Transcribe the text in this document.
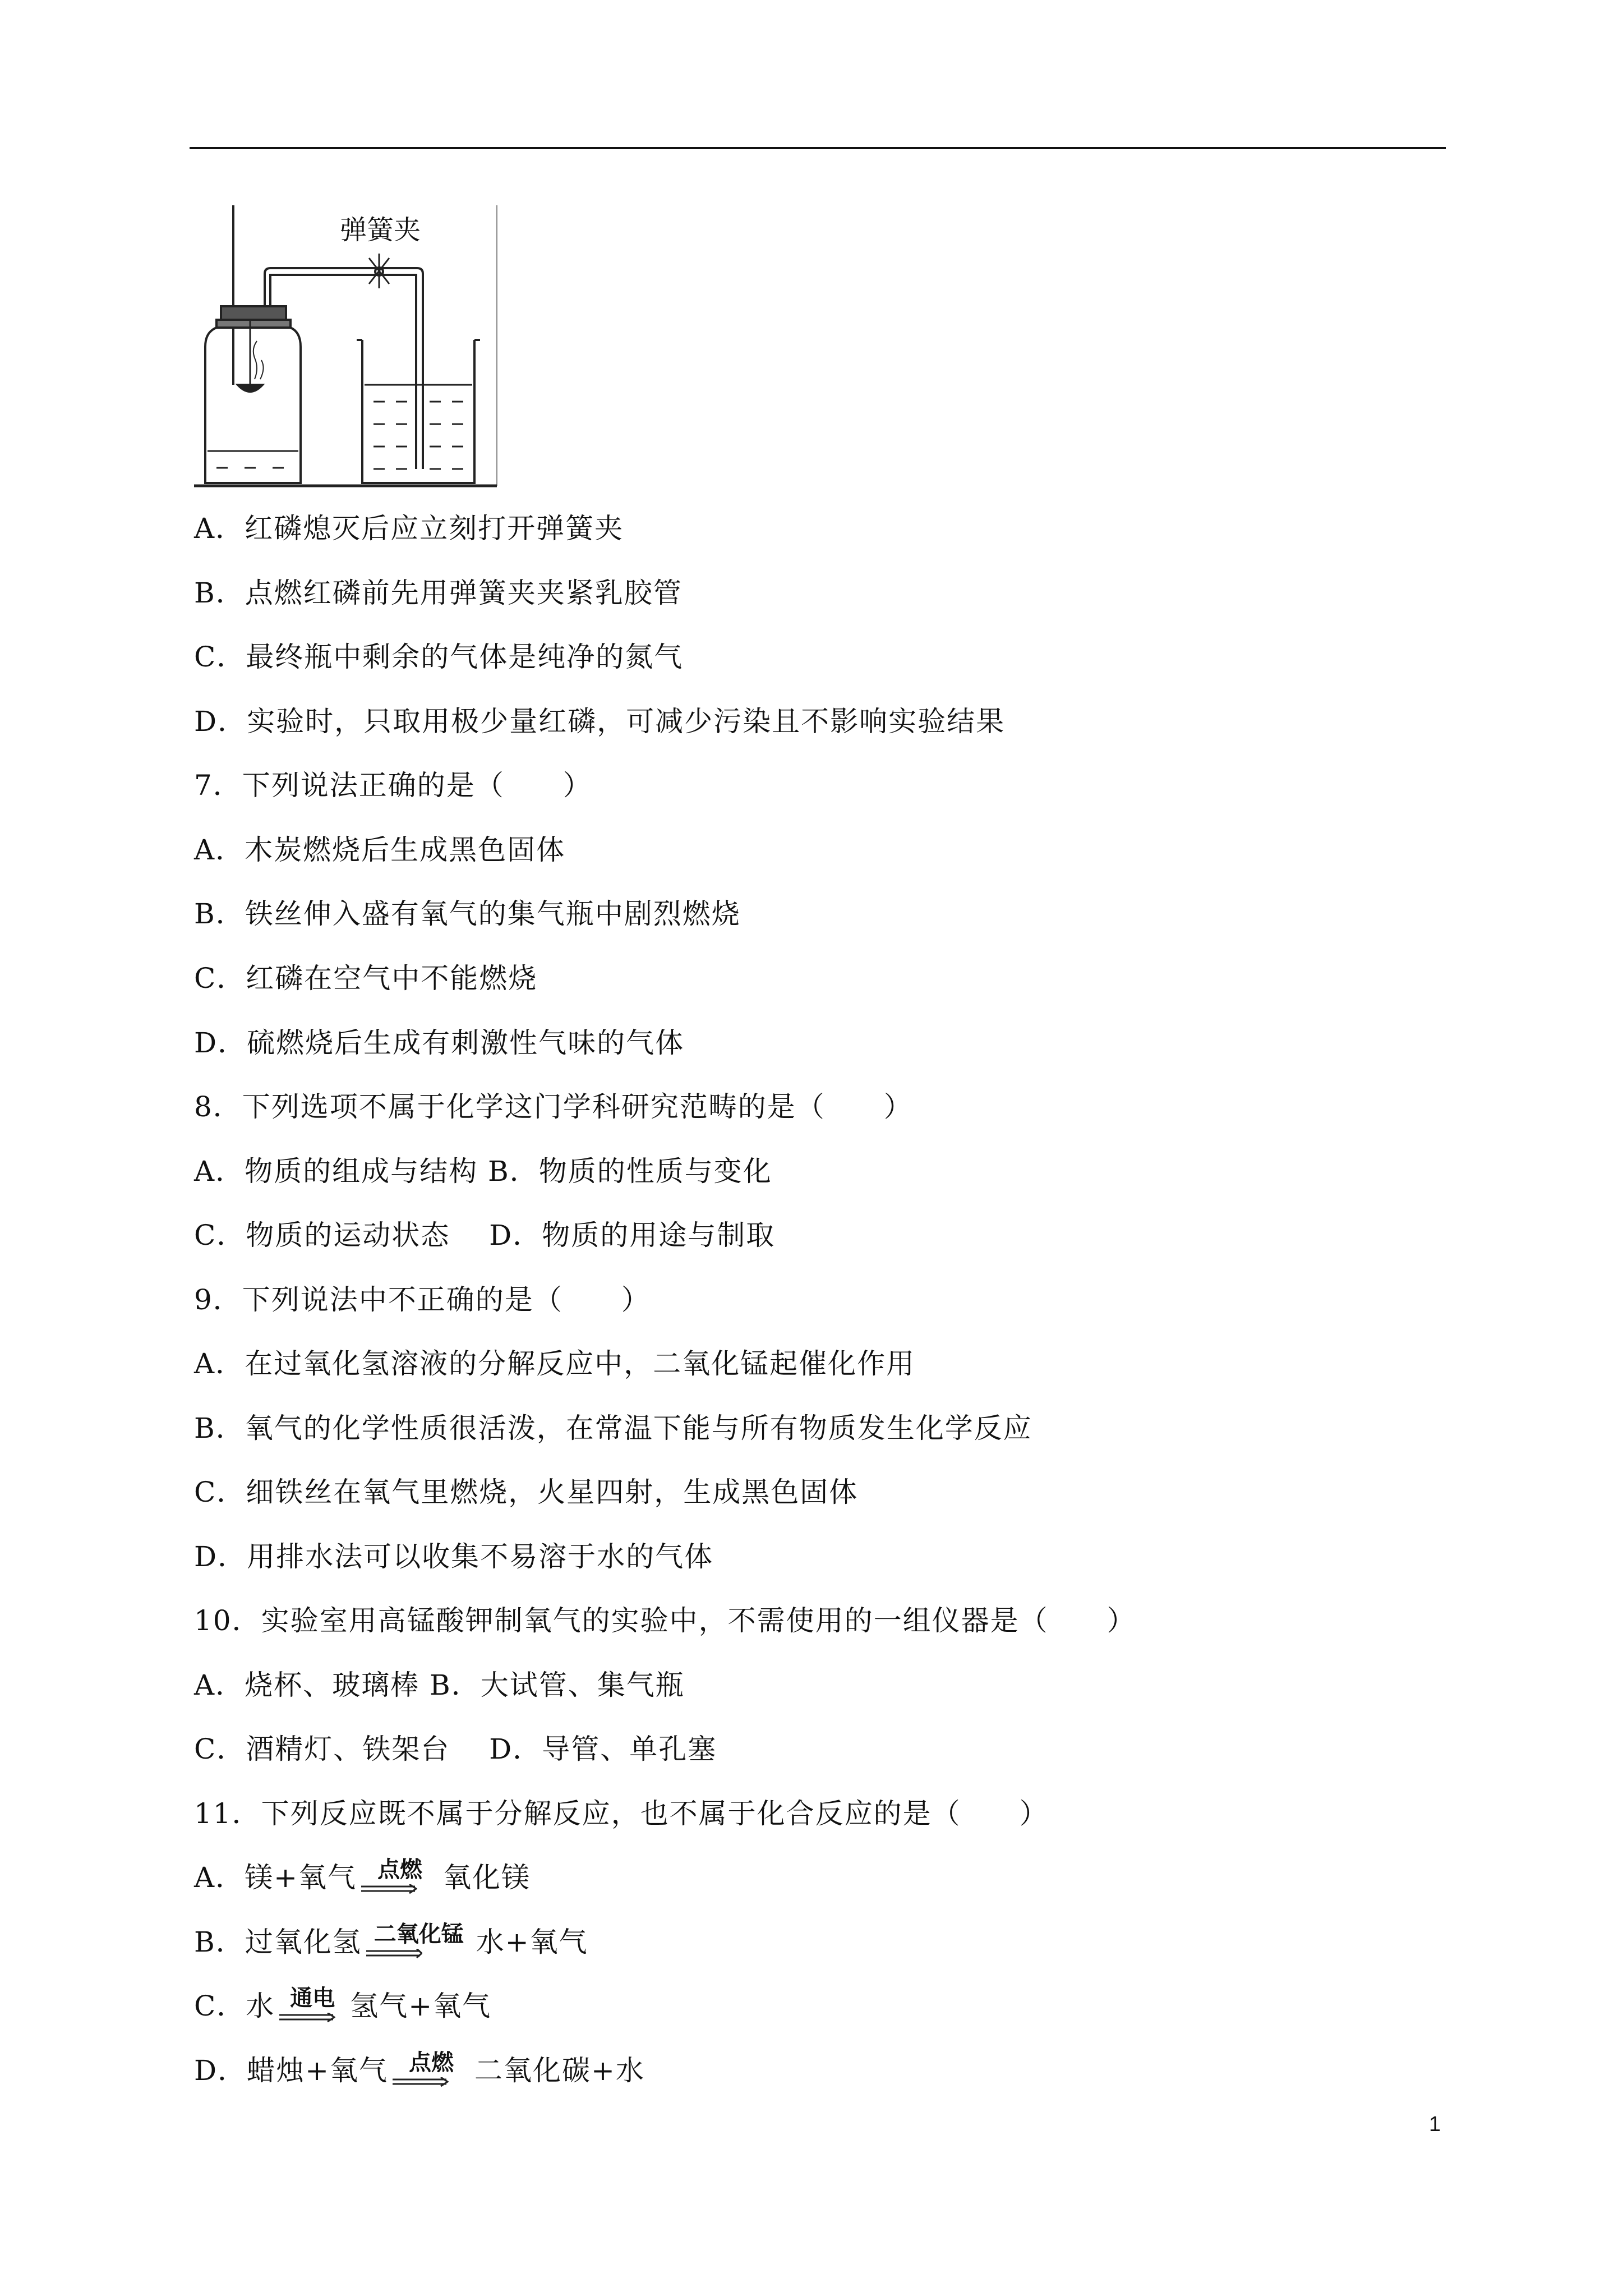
弹簧夹
A．红磷熄灭后应立刻打开弹簧夹
B．点燃红磷前先用弹簧夹夹紧乳胶管
C．最终瓶中剩余的气体是纯净的氮气
D．实验时，只取用极少量红磷，可减少污染且不影响实验结果
7．下列说法正确的是（　　）
A．木炭燃烧后生成黑色固体
B．铁丝伸入盛有氧气的集气瓶中剧烈燃烧
C．红磷在空气中不能燃烧
D．硫燃烧后生成有刺激性气味的气体
8．下列选项不属于化学这门学科研究范畴的是（　　）
A．物质的组成与结构 B．物质的性质与变化
C．物质的运动状态　 D．物质的用途与制取
9．下列说法中不正确的是（　　）
A．在过氧化氢溶液的分解反应中，二氧化锰起催化作用
B．氧气的化学性质很活泼，在常温下能与所有物质发生化学反应
C．细铁丝在氧气里燃烧，火星四射，生成黑色固体
D．用排水法可以收集不易溶于水的气体
10．实验室用高锰酸钾制氧气的实验中，不需使用的一组仪器是（　　）
A．烧杯、玻璃棒 B．大试管、集气瓶
C．酒精灯、铁架台　 D．导管、单孔塞
11．下列反应既不属于分解反应，也不属于化合反应的是（　　）
A．镁+氧气 点燃 氧化镁
B．过氧化氢 二氧化锰 水+氧气
C．水 通电 氢气+氧气
D．蜡烛+氧气 点燃 二氧化碳+水
1
